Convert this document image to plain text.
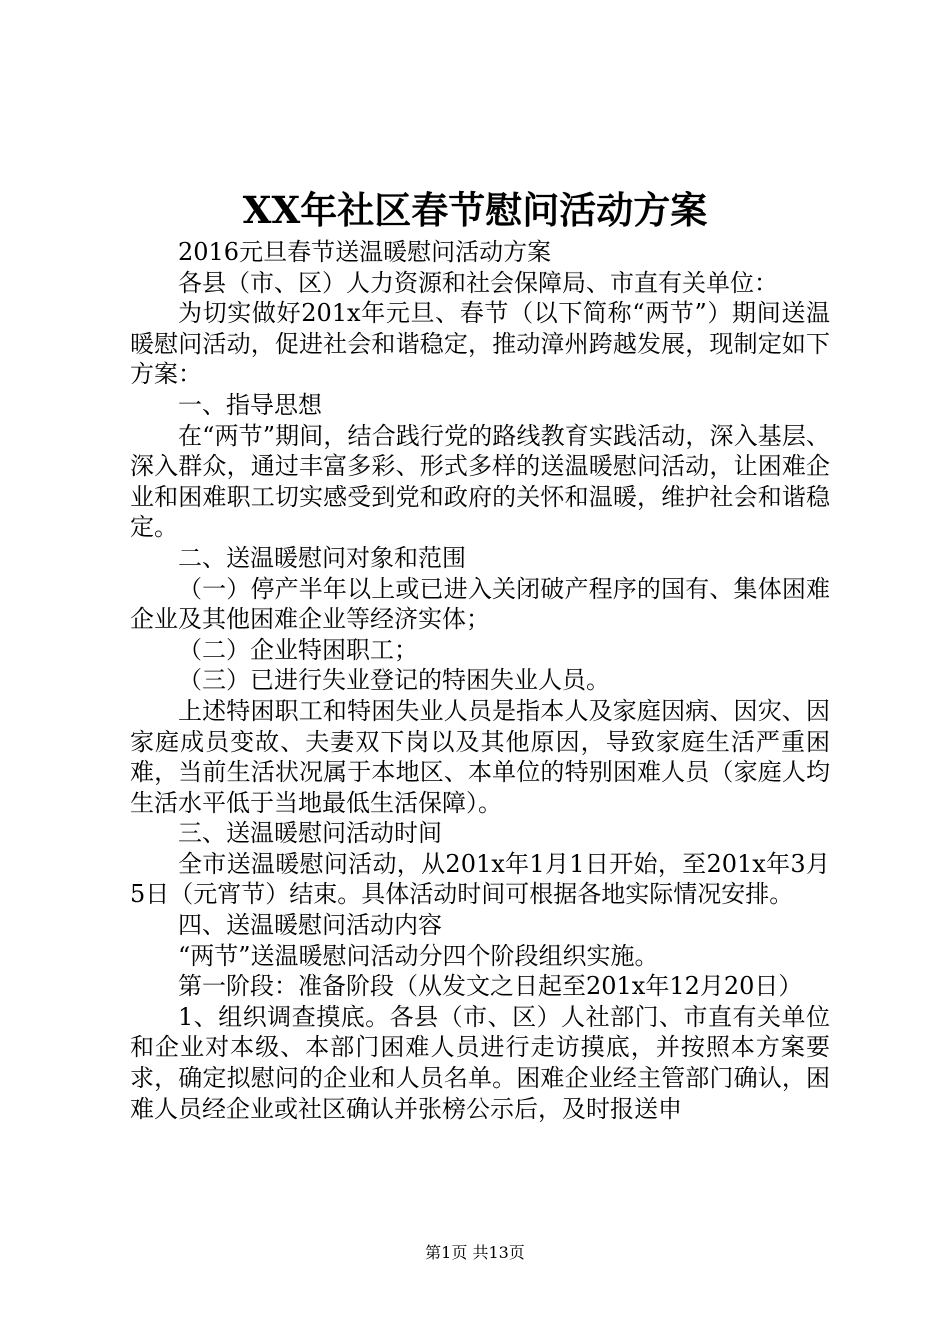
XX年社区春节慰问活动方案

2016元旦春节送温暖慰问活动方案

各县（市、区）人力资源和社会保障局、市直有关单位：

为切实做好201x年元旦、春节（以下简称“两节”）期间送温暖慰问活动，促进社会和谐稳定，推动漳州跨越发展，现制定如下方案：

一、指导思想

在“两节”期间，结合践行党的路线教育实践活动，深入基层、深入群众，通过丰富多彩、形式多样的送温暖慰问活动，让困难企业和困难职工切实感受到党和政府的关怀和温暖，维护社会和谐稳定。

二、送温暖慰问对象和范围

（一）停产半年以上或已进入关闭破产程序的国有、集体困难企业及其他困难企业等经济实体；

（二）企业特困职工；

（三）已进行失业登记的特困失业人员。

上述特困职工和特困失业人员是指本人及家庭因病、因灾、因家庭成员变故、夫妻双下岗以及其他原因，导致家庭生活严重困难，当前生活状况属于本地区、本单位的特别困难人员（家庭人均生活水平低于当地最低生活保障）。

三、送温暖慰问活动时间

全市送温暖慰问活动，从201x年1月1日开始，至201x年3月5日（元宵节）结束。具体活动时间可根据各地实际情况安排。

四、送温暖慰问活动内容

“两节”送温暖慰问活动分四个阶段组织实施。

第一阶段：准备阶段（从发文之日起至201x年12月20日）

1、组织调查摸底。各县（市、区）人社部门、市直有关单位和企业对本级、本部门困难人员进行走访摸底，并按照本方案要求，确定拟慰问的企业和人员名单。困难企业经主管部门确认，困难人员经企业或社区确认并张榜公示后，及时报送申

第1页 共13页
